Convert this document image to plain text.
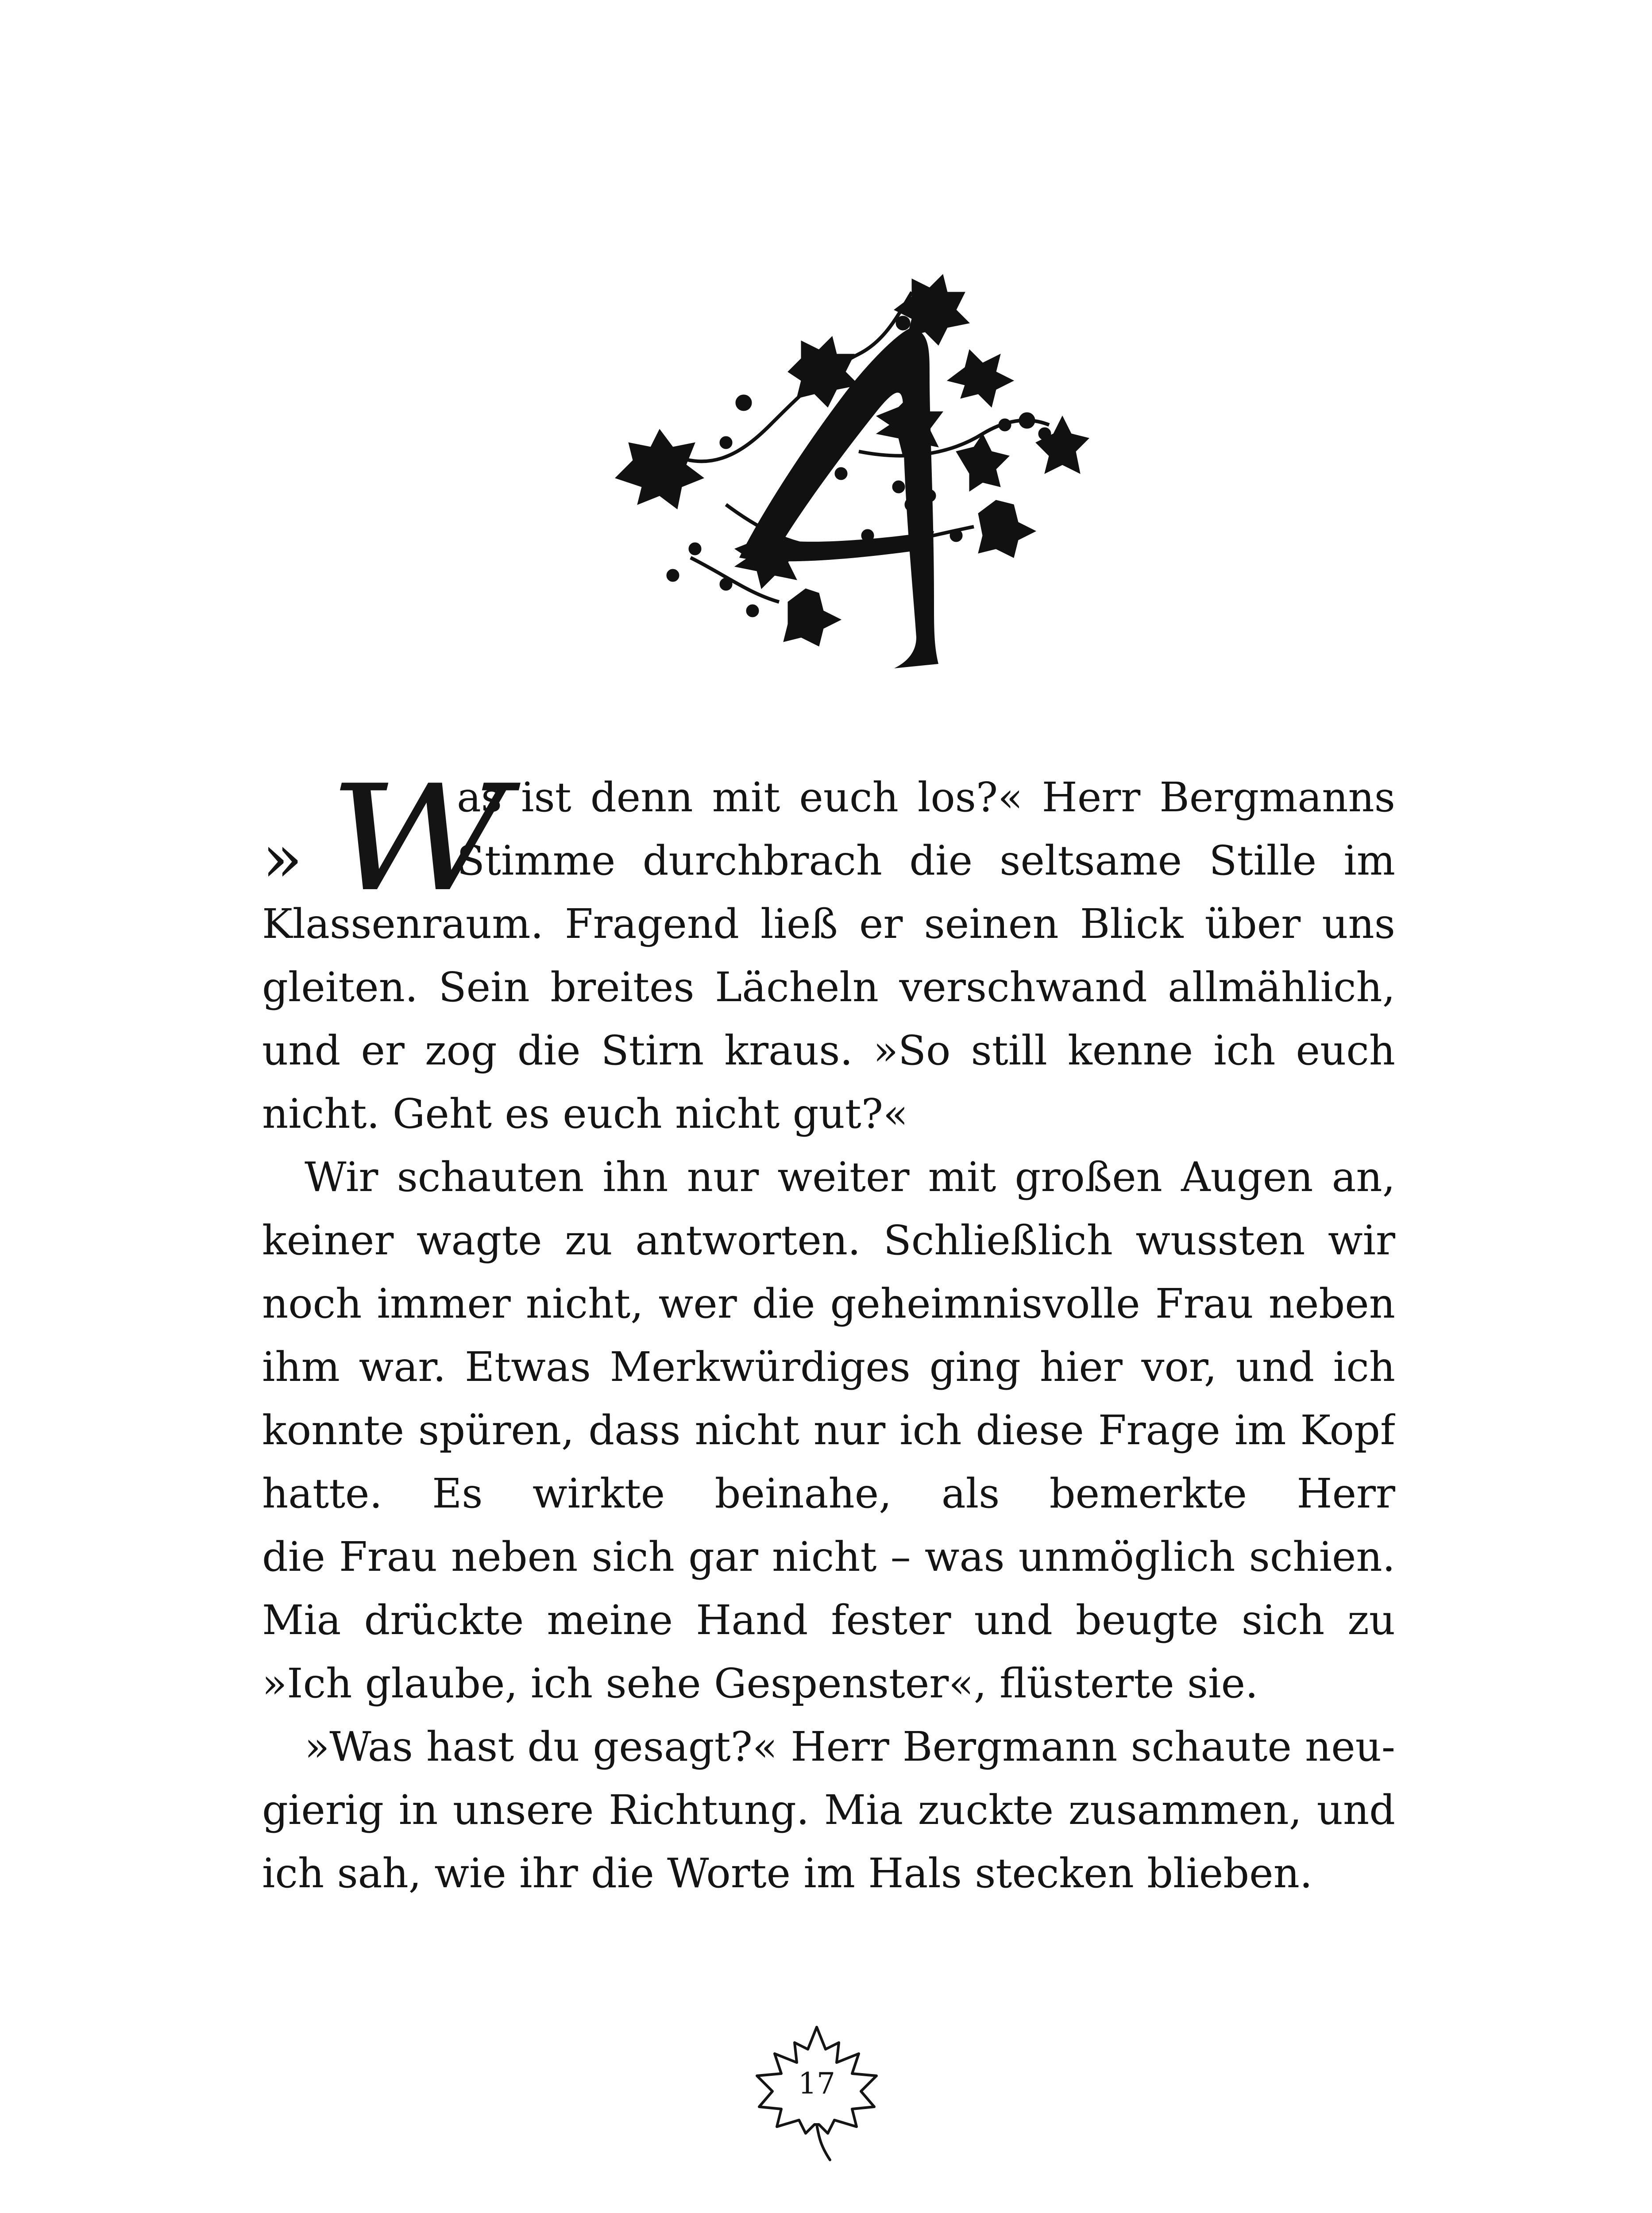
» W
as ist denn mit euch los?« Herr Bergmanns
Stimme durchbrach die seltsame Stille im
Klassenraum. Fragend ließ er seinen Blick über uns
gleiten. Sein breites Lächeln verschwand allmählich,
und er zog die Stirn kraus. »So still kenne ich euch
nicht. Geht es euch nicht gut?«
Wir schauten ihn nur weiter mit großen Augen an,
keiner wagte zu antworten. Schließlich wussten wir
noch immer nicht, wer die geheimnisvolle Frau neben
ihm war. Etwas Merkwürdiges ging hier vor, und ich
konnte spüren, dass nicht nur ich diese Frage im Kopf
hatte. Es wirkte beinahe, als bemerkte Herr
die Frau neben sich gar nicht – was unmöglich schien.
Mia drückte meine Hand fester und beugte sich zu
»Ich glaube, ich sehe Gespenster«, flüsterte sie.
»Was hast du gesagt?« Herr Bergmann schaute neu-
gierig in unsere Richtung. Mia zuckte zusammen, und
ich sah, wie ihr die Worte im Hals stecken blieben.
17
